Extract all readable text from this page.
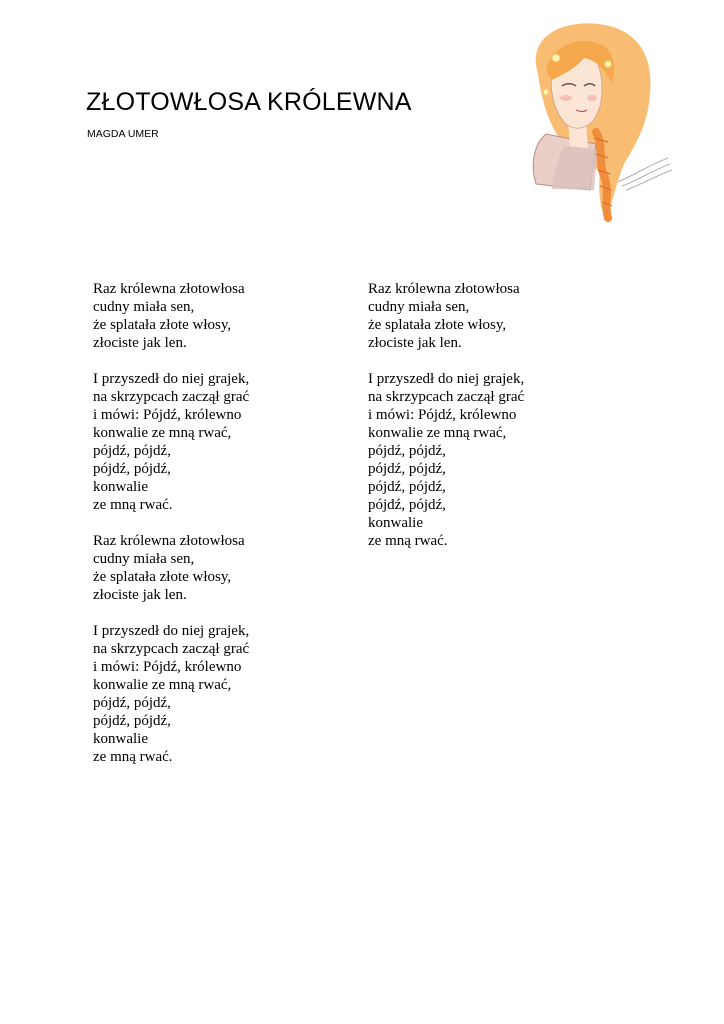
ZŁOTOWŁOSA KRÓLEWNA

MAGDA UMER

Raz królewna złotowłosa
cudny miała sen,
że splatała złote włosy,
złociste jak len.
I przyszedł do niej grajek,
na skrzypcach zaczął grać
i mówi: Pójdź, królewno
konwalie ze mną rwać,
pójdź, pójdź,
pójdź, pójdź,
konwalie
ze mną rwać.
Raz królewna złotowłosa
cudny miała sen,
że splatała złote włosy,
złociste jak len.
I przyszedł do niej grajek,
na skrzypcach zaczął grać
i mówi: Pójdź, królewno
konwalie ze mną rwać,
pójdź, pójdź,
pójdź, pójdź,
konwalie
ze mną rwać.
Raz królewna złotowłosa
cudny miała sen,
że splatała złote włosy,
złociste jak len.
I przyszedł do niej grajek,
na skrzypcach zaczął grać
i mówi: Pójdź, królewno
konwalie ze mną rwać,
pójdź, pójdź,
pójdź, pójdź,
pójdź, pójdź,
pójdź, pójdź,
konwalie
ze mną rwać.
